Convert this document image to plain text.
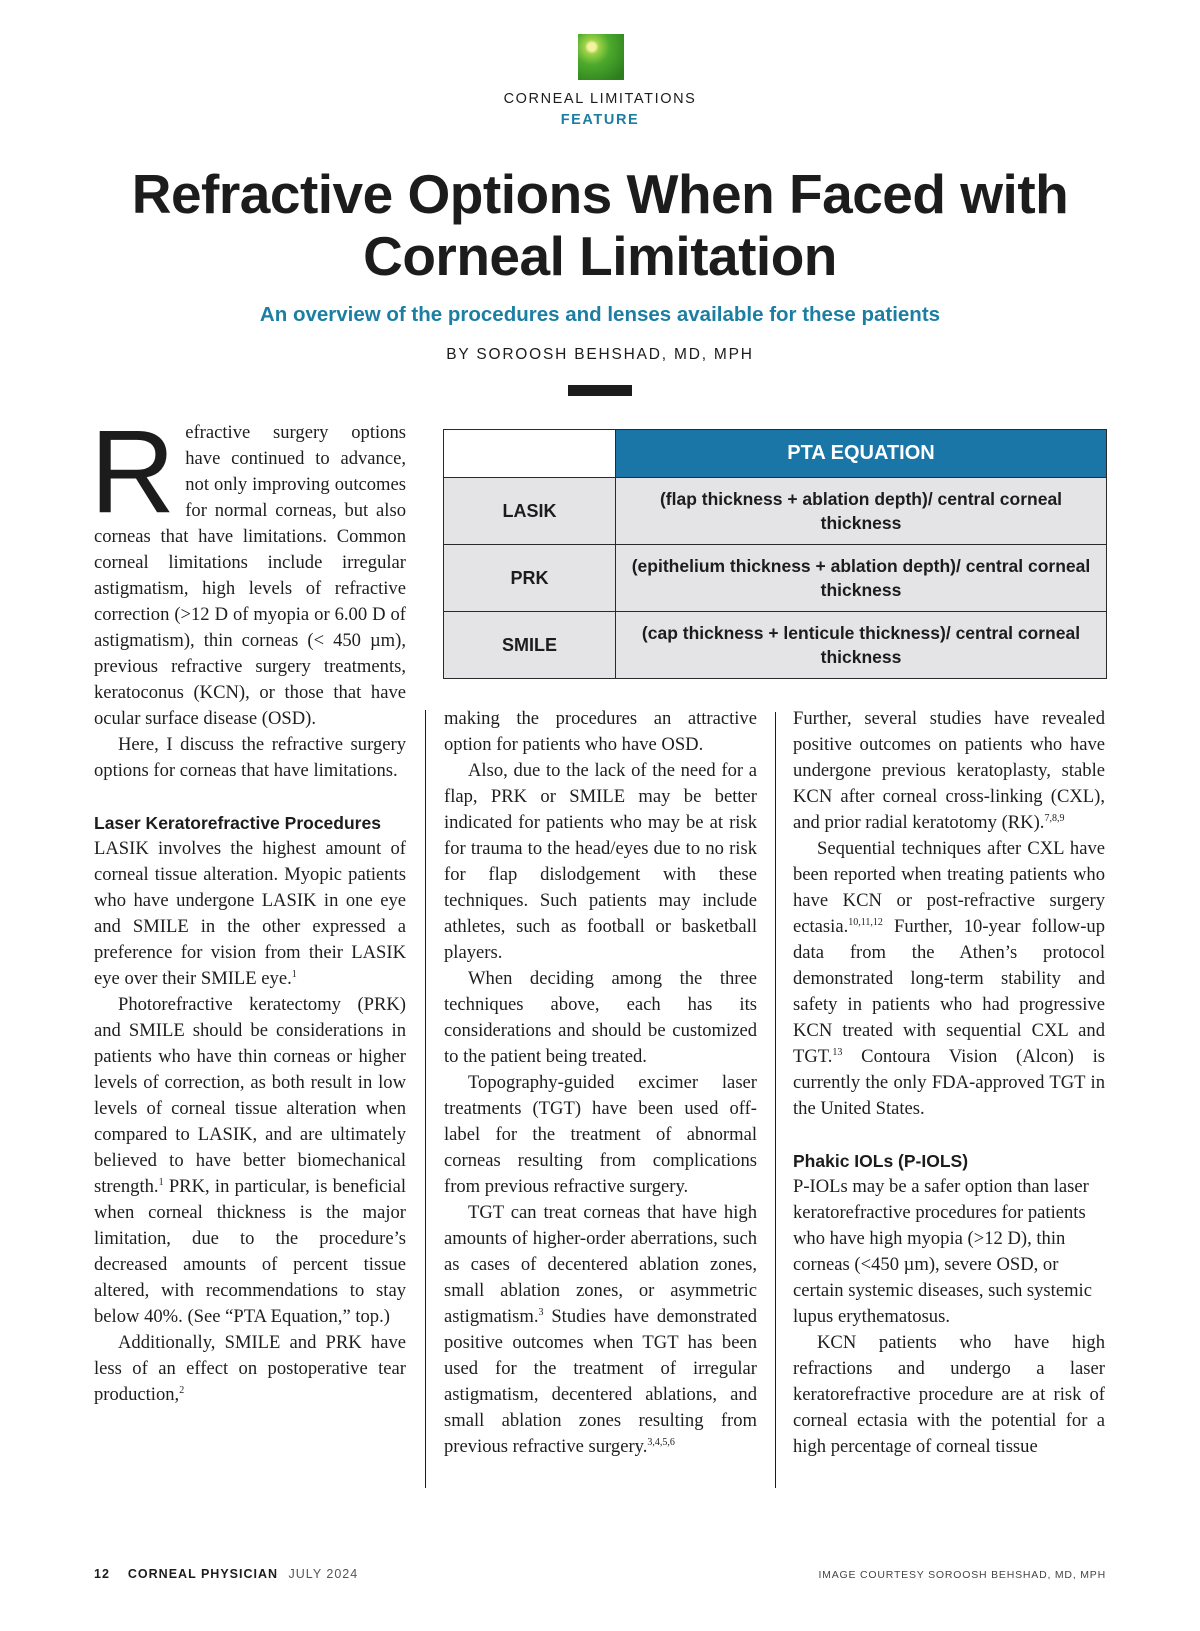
CORNEAL LIMITATIONS
FEATURE
Refractive Options When Faced with Corneal Limitation
An overview of the procedures and lenses available for these patients
BY SOROOSH BEHSHAD, MD, MPH

Refractive surgery options have continued to advance, not only improving outcomes for normal corneas, but also corneas that have limitations. Common corneal limitations include irregular astigmatism, high levels of refractive correction (>12 D of myopia or 6.00 D of astigmatism), thin corneas (< 450 µm), previous refractive surgery treatments, keratoconus (KCN), or those that have ocular surface disease (OSD).

Here, I discuss the refractive surgery options for corneas that have limitations.

Laser Keratorefractive Procedures

LASIK involves the highest amount of corneal tissue alteration. Myopic patients who have undergone LASIK in one eye and SMILE in the other expressed a preference for vision from their LASIK eye over their SMILE eye.$^1$

Photorefractive keratectomy (PRK) and SMILE should be considerations in patients who have thin corneas or higher levels of correction, as both result in low levels of corneal tissue alteration when compared to LASIK, and are ultimately believed to have better biomechanical strength.$^1$ PRK, in particular, is beneficial when corneal thickness is the major limitation, due to the procedure’s decreased amounts of percent tissue altered, with recommendations to stay below 40%. (See “PTA Equation,” top.)

Additionally, SMILE and PRK have less of an effect on postoperative tear production,$^2$

	PTA EQUATION
LASIK	(flap thickness + ablation depth)/ central corneal thickness
PRK	(epithelium thickness + ablation depth)/ central corneal thickness
SMILE	(cap thickness + lenticule thickness)/ central corneal thickness

making the procedures an attractive option for patients who have OSD.

Also, due to the lack of the need for a flap, PRK or SMILE may be better indicated for patients who may be at risk for trauma to the head/eyes due to no risk for flap dislodgement with these techniques. Such patients may include athletes, such as football or basketball players.

When deciding among the three techniques above, each has its considerations and should be customized to the patient being treated.

Topography-guided excimer laser treatments (TGT) have been used off-label for the treatment of abnormal corneas resulting from complications from previous refractive surgery.

TGT can treat corneas that have high amounts of higher-order aberrations, such as cases of decentered ablation zones, small ablation zones, or asymmetric astigmatism.$^3$ Studies have demonstrated positive outcomes when TGT has been used for the treatment of irregular astigmatism, decentered ablations, and small ablation zones resulting from previous refractive surgery.$^{3,4,5,6}$

Further, several studies have revealed positive outcomes on patients who have undergone previous keratoplasty, stable KCN after corneal cross-linking (CXL), and prior radial keratotomy (RK).$^{7,8,9}$

Sequential techniques after CXL have been reported when treating patients who have KCN or post-refractive surgery ectasia.$^{10,11,12}$ Further, 10-year follow-up data from the Athen’s protocol demonstrated long-term stability and safety in patients who had progressive KCN treated with sequential CXL and TGT.$^{13}$ Contoura Vision (Alcon) is currently the only FDA-approved TGT in the United States.

Phakic IOLs (P-IOLS)

P-IOLs may be a safer option than laser keratorefractive procedures for patients who have high myopia (>12 D), thin corneas (<450 µm), severe OSD, or certain systemic diseases, such systemic lupus erythematosus.

KCN patients who have high refractions and undergo a laser keratorefractive procedure are at risk of corneal ectasia with the potential for a high percentage of corneal tissue

12 CORNEAL PHYSICIAN JULY 2024	IMAGE COURTESY SOROOSH BEHSHAD, MD, MPH
